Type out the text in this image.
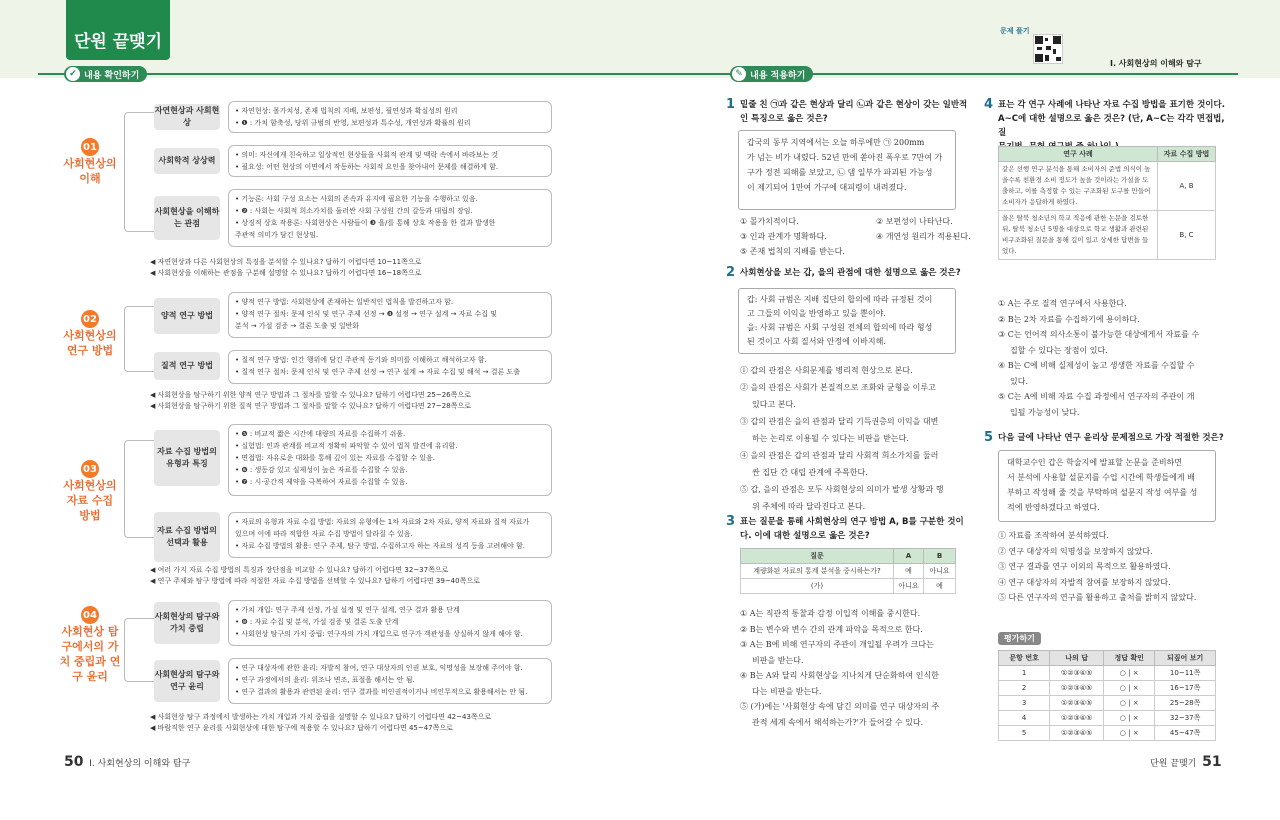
단원 끝맺기
✔ 내용 확인하기	✎ 내용 적용하기
문제 풀기
Ⅰ. 사회현상의 이해와 탐구
01
사회현상의 이해
자연현상과 사회현상
• 자연현상: 몰가치성, 존재 법칙의 지배, 보편성, 필연성과 확실성의 원리
• ❶ : 가치 함축성, 당위 규범의 반영, 보편성과 특수성, 개연성과 확률의 원리
사회학적 상상력
• 의미: 자신에게 친숙하고 일상적인 현상들을 사회적 관계 및 맥락 속에서 바라보는 것
• 필요성: 어떤 현상의 이면에서 작동하는 사회적 요인을 찾아내어 문제를 해결하게 함.
사회현상을 이해하는 관점
• 기능론: 사회 구성 요소는 사회의 존속과 유지에 필요한 기능을 수행하고 있음.
• ❷ : 사회는 사회적 희소가치를 둘러싼 사회 구성원 간의 갈등과 대립의 장임.
• 상징적 상호 작용론: 사회현상은 사람들이 ❸ 을/를 통해 상호 작용을 한 결과 발생한
주관적 의미가 담긴 현상임.
◀ 자연현상과 다른 사회현상의 특징을 분석할 수 있나요? 답하기 어렵다면 10~11쪽으로
◀ 사회현상을 이해하는 관점을 구분해 설명할 수 있나요? 답하기 어렵다면 16~18쪽으로
02
사회현상의 연구 방법
양적 연구 방법
• 양적 연구 방법: 사회현상에 존재하는 일반적인 법칙을 발견하고자 함.
• 양적 연구 절차: 문제 인식 및 연구 주제 선정 → ❹ 설정 → 연구 설계 → 자료 수집 및
분석 → 가설 검증 → 결론 도출 및 일반화
질적 연구 방법
• 질적 연구 방법: 인간 행위에 담긴 주관적 동기와 의미를 이해하고 해석하고자 함.
• 질적 연구 절차: 문제 인식 및 연구 주제 선정 → 연구 설계 → 자료 수집 및 해석 → 결론 도출
◀ 사회현상을 탐구하기 위한 양적 연구 방법과 그 절차를 말할 수 있나요? 답하기 어렵다면 25~26쪽으로
◀ 사회현상을 탐구하기 위한 질적 연구 방법과 그 절차를 말할 수 있나요? 답하기 어렵다면 27~28쪽으로
03
사회현상의 자료 수집 방법
자료 수집 방법의 유형과 특징
• ❺ : 비교적 짧은 시간에 대량의 자료를 수집하기 쉬움.
• 실험법: 인과 관계를 비교적 정확히 파악할 수 있어 법칙 발견에 유리함.
• 면접법: 자유로운 대화를 통해 깊이 있는 자료를 수집할 수 있음.
• ❻ : 생동감 있고 실제성이 높은 자료를 수집할 수 있음.
• ❼ : 시·공간적 제약을 극복하여 자료를 수집할 수 있음.
자료 수집 방법의 선택과 활용
• 자료의 유형과 자료 수집 방법: 자료의 유형에는 1차 자료와 2차 자료, 양적 자료와 질적 자료가
있으며 이에 따라 적합한 자료 수집 방법이 달라질 수 있음.
• 자료 수집 방법의 활용: 연구 주제, 탐구 방법, 수집하고자 하는 자료의 성격 등을 고려해야 함.
◀ 여러 가지 자료 수집 방법의 특징과 장단점을 비교할 수 있나요? 답하기 어렵다면 32~37쪽으로
◀ 연구 주제와 탐구 방법에 따라 적절한 자료 수집 방법을 선택할 수 있나요? 답하기 어렵다면 39~40쪽으로
04
사회현상 탐구에서의 가치 중립과 연구 윤리
사회현상의 탐구와 가치 중립
• 가치 개입: 연구 주제 선정, 가설 설정 및 연구 설계, 연구 결과 활용 단계
• ❽ : 자료 수집 및 분석, 가설 검증 및 결론 도출 단계
• 사회현상 탐구의 가치 중립: 연구자의 가치 개입으로 연구가 객관성을 상실하지 않게 해야 함.
사회현상의 탐구와 연구 윤리
• 연구 대상자에 관한 윤리: 자발적 참여, 연구 대상자의 인권 보호, 익명성을 보장해 주어야 함.
• 연구 과정에서의 윤리: 위조나 변조, 표절을 해서는 안 됨.
• 연구 결과의 활용과 관련된 윤리: 연구 결과를 비인권적이거나 비인무적으로 활용해서는 안 됨.
◀ 사회현상 탐구 과정에서 발생하는 가치 개입과 가치 중립을 설명할 수 있나요? 답하기 어렵다면 42~43쪽으로
◀ 바람직한 연구 윤리를 사회현상에 대한 탐구에 적용할 수 있나요? 답하기 어렵다면 45~47쪽으로
50 Ⅰ. 사회현상의 이해와 탐구
1 밑줄 친 ㉠과 같은 현상과 달리 ㉡과 같은 현상이 갖는 일반적
인 특징으로 옳은 것은?
갑국의 동부 지역에서는 오늘 하루에만 ㉠ 200mm
가 넘는 비가 내렸다. 52년 만에 쏟아진 폭우로 7만여 가
구가 정전 피해를 보았고, ㉡ 댐 일부가 파괴된 가능성
이 제기되어 1만여 가구에 대피령이 내려졌다.
① 몰가치적이다.	② 보편성이 나타난다.
③ 인과 관계가 명확하다.	④ 개연성 원리가 적용된다.
⑤ 존재 법칙의 지배를 받는다.
2 사회현상을 보는 갑, 을의 관점에 대한 설명으로 옳은 것은?
갑: 사회 규범은 지배 집단의 합의에 따라 규정된 것이
고 그들의 이익을 반영하고 있을 뿐이야.
을: 사회 규범은 사회 구성원 전체의 합의에 따라 형성
된 것이고 사회 질서와 안정에 이바지해.
① 갑의 관점은 사회문제를 병리적 현상으로 본다.
② 을의 관점은 사회가 본질적으로 조화와 균형을 이루고
있다고 본다.
③ 갑의 관점은 을의 관점과 달리 기득권층의 이익을 대변
하는 논리로 이용될 수 있다는 비판을 받는다.
④ 을의 관점은 갑의 관점과 달리 사회적 희소가치를 둘러
싼 집단 간 대립 관계에 주목한다.
⑤ 갑, 을의 관점은 모두 사회현상의 의미가 발생 상황과 행
위 주체에 따라 달라진다고 본다.
3 표는 질문을 통해 사회현상의 연구 방법 A, B를 구분한 것이
다. 이에 대한 설명으로 옳은 것은?
질문	A	B
계량화된 자료의 통계 분석을 중시하는가?	예	아니요
(가)	아니요	예
① A는 직관적 통찰과 감정 이입적 이해를 중시한다.
② B는 변수와 변수 간의 관계 파악을 목적으로 한다.
③ A는 B에 비해 연구자의 주관이 개입될 우려가 크다는
비판을 받는다.
④ B는 A와 달리 사회현상을 지나치게 단순화하여 인식한
다는 비판을 받는다.
⑤ (가)에는 '사회현상 속에 담긴 의미를 연구 대상자의 주
관적 세계 속에서 해석하는가?'가 들어갈 수 있다.
4 표는 각 연구 사례에 나타난 자료 수집 방법을 표기한 것이다.
A~C에 대한 설명으로 옳은 것은? (단, A~C는 각각 면접법, 질
연구 사례	자료 수집 방법
같은 선행 연구 분석을 통해 소비자의 준법 의식이 높을수록 친환경 소비 정도가 높을 것이라는 가설을 도출하고, 이를 측정할 수 있는 구조화된 도구를 만들어 소비자가 응답하게 하였다.	A, B
을은 탈북 청소년의 학교 적응에 관한 논문을 검토한 뒤, 탈북 청소년 5명을 대상으로 학교 생활과 관련된 비구조화된 질문을 통해 깊이 있고 상세한 답변을 들었다.	B, C
① A는 주로 질적 연구에서 사용한다.
② B는 2차 자료를 수집하기에 용이하다.
③ C는 언어적 의사소통이 불가능한 대상에게서 자료를 수
집할 수 있다는 장점이 있다.
④ B는 C에 비해 실제성이 높고 생생한 자료를 수집할 수
있다.
⑤ C는 A에 비해 자료 수집 과정에서 연구자의 주관이 개
입될 가능성이 낮다.
5 다음 글에 나타난 연구 윤리상 문제점으로 가장 적절한 것은?
대학교수인 갑은 학술지에 발표할 논문을 준비하면
서 분석에 사용할 설문지를 수업 시간에 학생들에게 배
부하고 작성해 줄 것을 부탁하며 설문지 작성 여부를 성
적에 반영하겠다고 하였다.
① 자료를 조작하여 분석하였다.
② 연구 대상자의 익명성을 보장하지 않았다.
③ 연구 결과를 연구 이외의 목적으로 활용하였다.
④ 연구 대상자의 자발적 참여를 보장하지 않았다.
⑤ 다른 연구자의 연구를 활용하고 출처를 밝히지 않았다.
평가하기
문항 번호	나의 답	정답 확인	되짚어 보기
1	①②③④⑤	○ | ×	10~11쪽
2	①②③④⑤	○ | ×	16~17쪽
3	①②③④⑤	○ | ×	25~28쪽
4	①②③④⑤	○ | ×	32~37쪽
5	①②③④⑤	○ | ×	45~47쪽
단원 끝맺기 51
